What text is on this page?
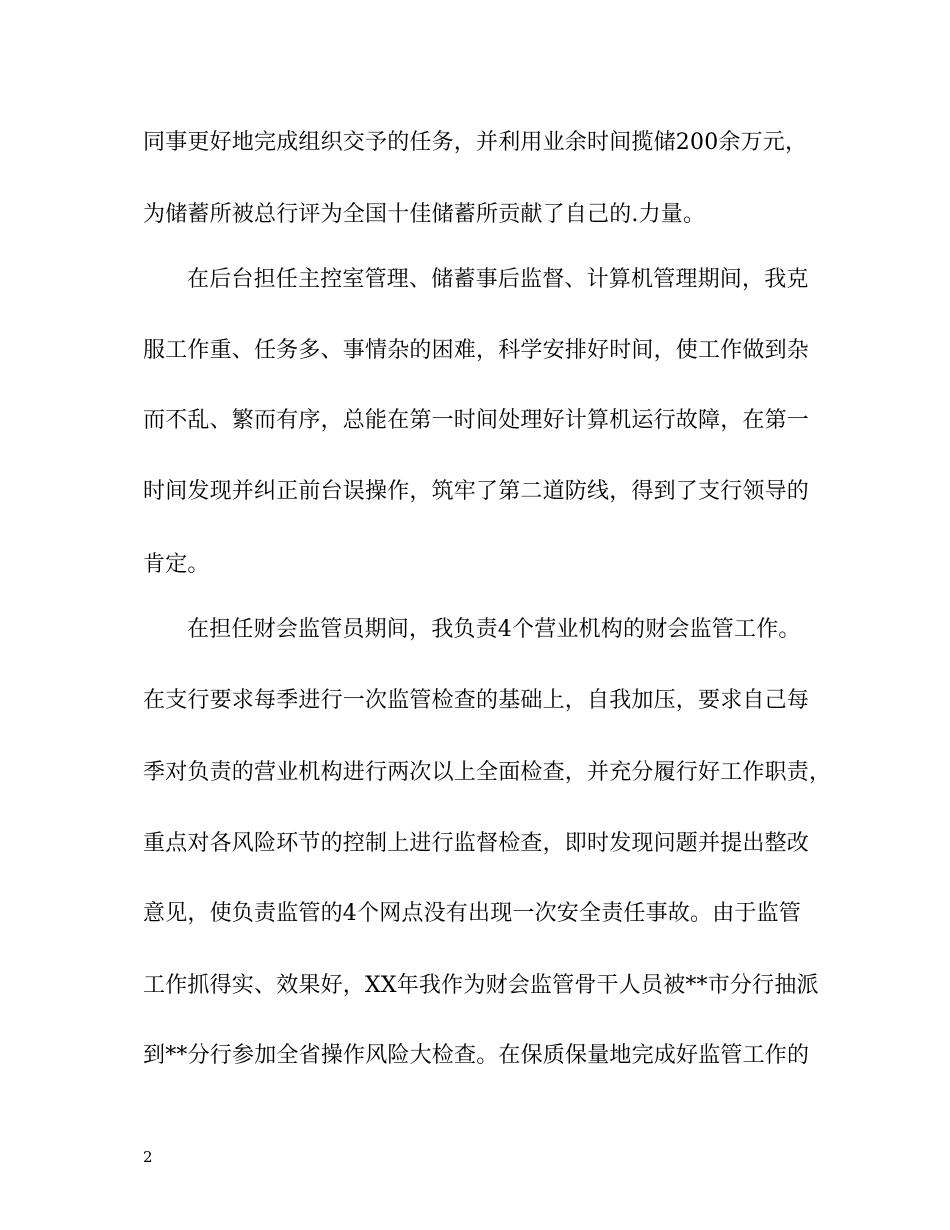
同事更好地完成组织交予的任务，并利用业余时间揽储200余万元，
为储蓄所被总行评为全国十佳储蓄所贡献了自己的.力量。
在后台担任主控室管理、储蓄事后监督、计算机管理期间，我克
服工作重、任务多、事情杂的困难，科学安排好时间，使工作做到杂
而不乱、繁而有序，总能在第一时间处理好计算机运行故障，在第一
时间发现并纠正前台误操作，筑牢了第二道防线，得到了支行领导的
肯定。
在担任财会监管员期间，我负责4个营业机构的财会监管工作。
在支行要求每季进行一次监管检查的基础上，自我加压，要求自己每
季对负责的营业机构进行两次以上全面检查，并充分履行好工作职责，
重点对各风险环节的控制上进行监督检查，即时发现问题并提出整改
意见，使负责监管的4个网点没有出现一次安全责任事故。由于监管
工作抓得实、效果好，XX年我作为财会监管骨干人员被**市分行抽派
到**分行参加全省操作风险大检查。在保质保量地完成好监管工作的
2
